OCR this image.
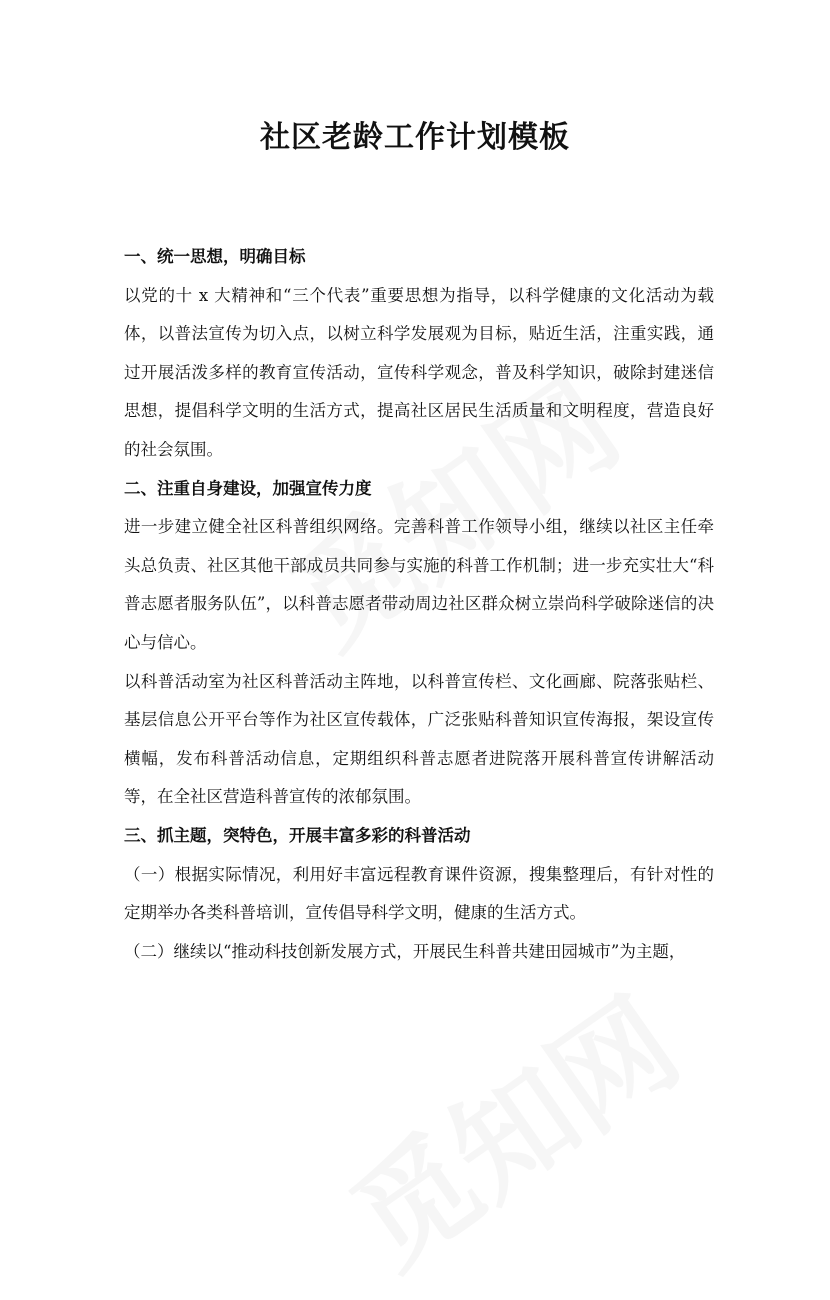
社区老龄工作计划模板

一、统一思想，明确目标

以党的十 x 大精神和“三个代表”重要思想为指导，以科学健康的文化活动为载体，以普法宣传为切入点，以树立科学发展观为目标，贴近生活，注重实践，通过开展活泼多样的教育宣传活动，宣传科学观念，普及科学知识，破除封建迷信思想，提倡科学文明的生活方式，提高社区居民生活质量和文明程度，营造良好的社会氛围。

二、注重自身建设，加强宣传力度

进一步建立健全社区科普组织网络。完善科普工作领导小组，继续以社区主任牵头总负责、社区其他干部成员共同参与实施的科普工作机制；进一步充实壮大“科普志愿者服务队伍”，以科普志愿者带动周边社区群众树立崇尚科学破除迷信的决心与信心。

以科普活动室为社区科普活动主阵地，以科普宣传栏、文化画廊、院落张贴栏、基层信息公开平台等作为社区宣传载体，广泛张贴科普知识宣传海报，架设宣传横幅，发布科普活动信息，定期组织科普志愿者进院落开展科普宣传讲解活动等，在全社区营造科普宣传的浓郁氛围。

三、抓主题，突特色，开展丰富多彩的科普活动

（一）根据实际情况，利用好丰富远程教育课件资源，搜集整理后，有针对性的定期举办各类科普培训，宣传倡导科学文明，健康的生活方式。

（二）继续以“推动科技创新发展方式，开展民生科普共建田园城市”为主题，
